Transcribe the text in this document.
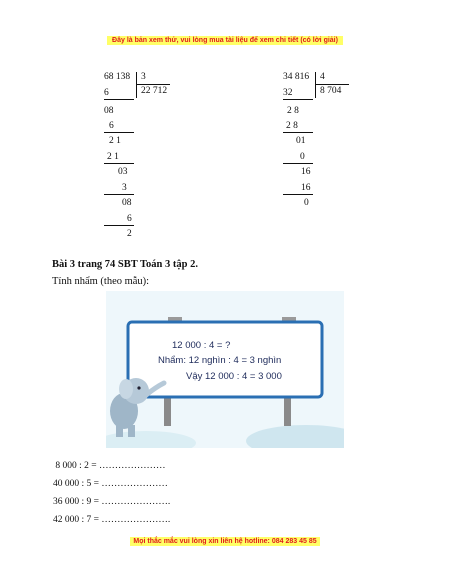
Đây là bản xem thử, vui lòng mua tài liệu để xem chi tiết (có lời giải)
68 138 3
22 712
6
08
6
2 1
2 1
03
3
08
6
2
34 816 4
8 704
32
2 8
2 8
01
0
16
16
0
Bài 3 trang 74 SBT Toán 3 tập 2.
Tính nhẩm (theo mẫu):
12 000 : 4 = ?
Nhẩm: 12 nghìn : 4 = 3 nghìn
Vậy 12 000 : 4 = 3 000
8 000 : 2 = …………………
40 000 : 5 = …………………
36 000 : 9 = ………………….
42 000 : 7 = ………………….
Mọi thắc mắc vui lòng xin liên hệ hotline: 084 283 45 85
